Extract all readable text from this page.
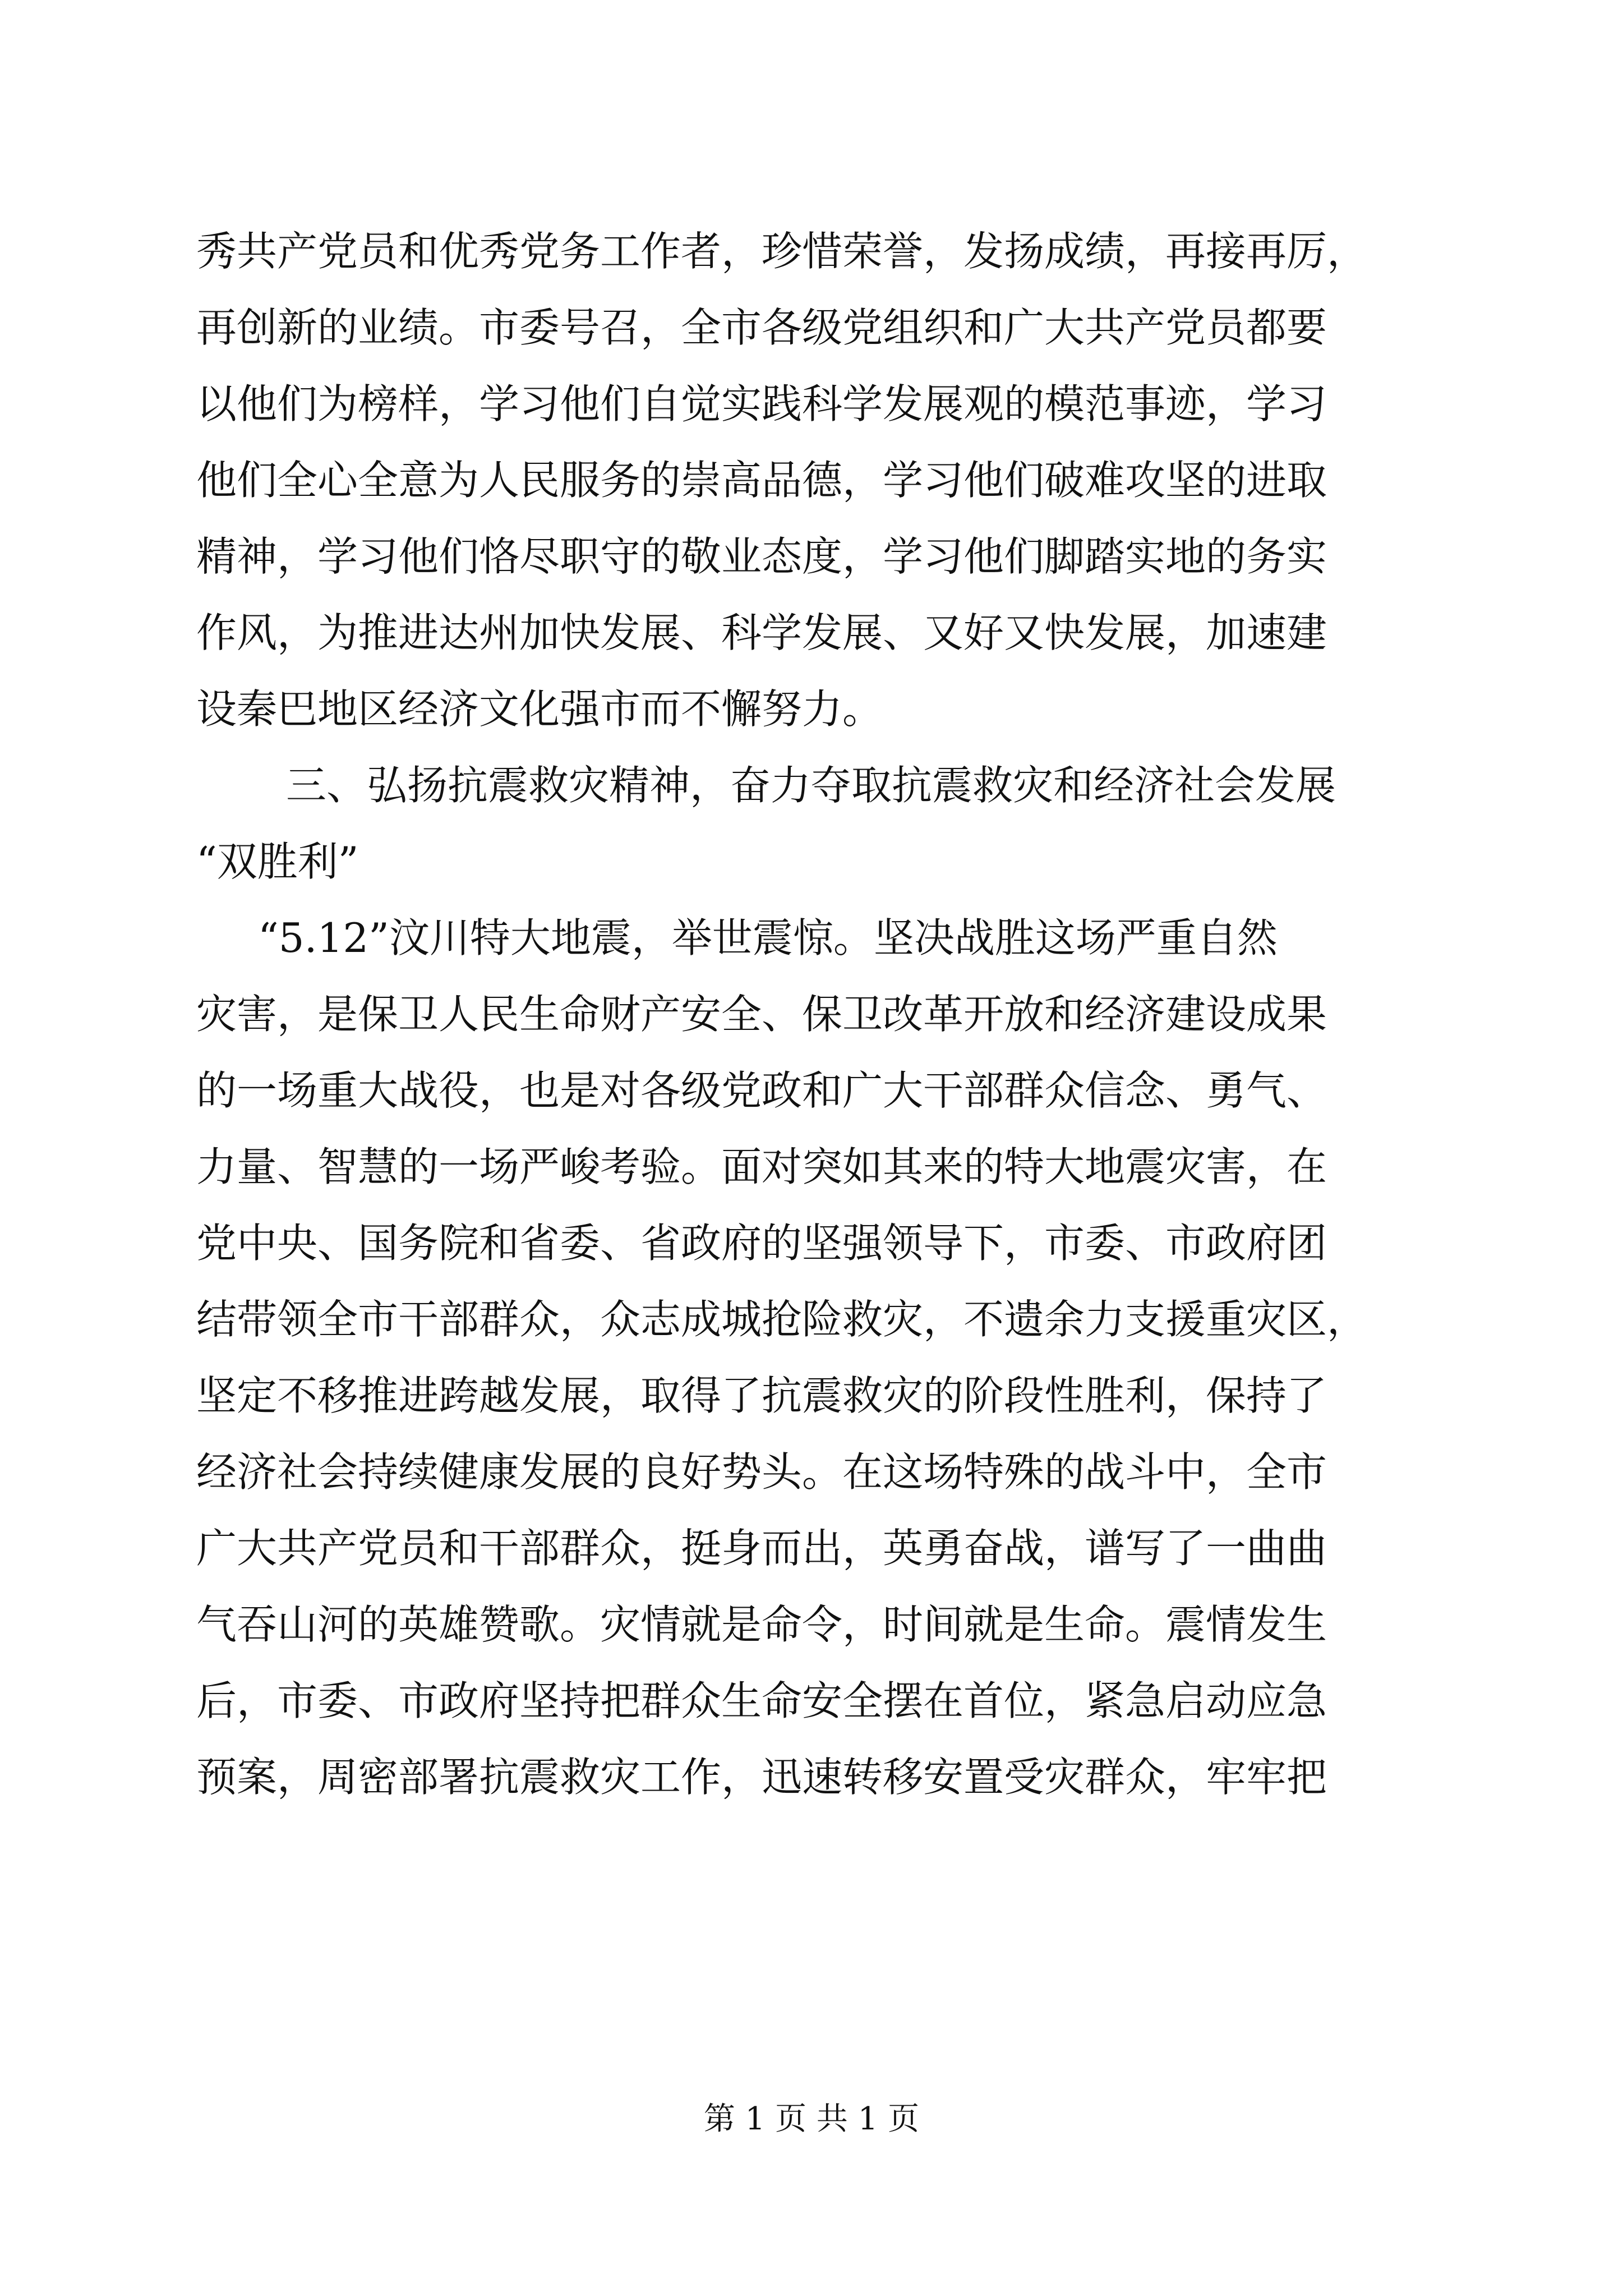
秀共产党员和优秀党务工作者，珍惜荣誉，发扬成绩，再接再厉，
再创新的业绩。市委号召，全市各级党组织和广大共产党员都要
以他们为榜样，学习他们自觉实践科学发展观的模范事迹，学习
他们全心全意为人民服务的崇高品德，学习他们破难攻坚的进取
精神，学习他们恪尽职守的敬业态度，学习他们脚踏实地的务实
作风，为推进达州加快发展、科学发展、又好又快发展，加速建
设秦巴地区经济文化强市而不懈努力。
三、弘扬抗震救灾精神，奋力夺取抗震救灾和经济社会发展
“双胜利”
“5.12”汶川特大地震，举世震惊。坚决战胜这场严重自然
灾害，是保卫人民生命财产安全、保卫改革开放和经济建设成果
的一场重大战役，也是对各级党政和广大干部群众信念、勇气、
力量、智慧的一场严峻考验。面对突如其来的特大地震灾害，在
党中央、国务院和省委、省政府的坚强领导下，市委、市政府团
结带领全市干部群众，众志成城抢险救灾，不遗余力支援重灾区，
坚定不移推进跨越发展，取得了抗震救灾的阶段性胜利，保持了
经济社会持续健康发展的良好势头。在这场特殊的战斗中，全市
广大共产党员和干部群众，挺身而出，英勇奋战，谱写了一曲曲
气吞山河的英雄赞歌。灾情就是命令，时间就是生命。震情发生
后，市委、市政府坚持把群众生命安全摆在首位，紧急启动应急
预案，周密部署抗震救灾工作，迅速转移安置受灾群众，牢牢把
第 1 页 共 1 页
